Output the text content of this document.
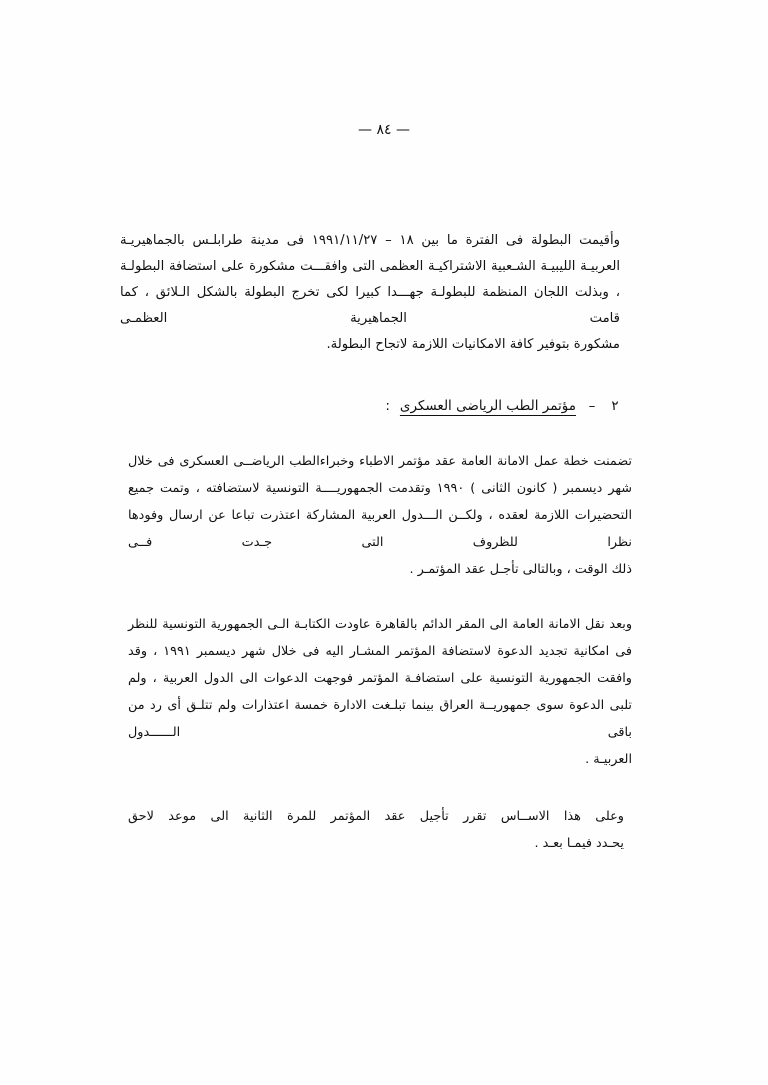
— ٨٤ —
وأقيمت البطولة فى الفترة ما بين ١٨ – ١٩٩١/١١/٢٧ فى مدينة طرابلـس بالجماهيريـة العربيـة الليبيـة الشـعبية الاشتراكيـة العظمى التى وافقـــت مشكورة على استضافة البطولـة ، وبذلت اللجان المنظمة للبطولـة جهـــدا كبيرا لكى تخرج البطولة بالشكل الـلائق ، كما قامت الجماهيرية العظمـى
مشكورة بتوفير كافة الامكانيات اللازمة لاتجاح البطولة.
٢
–
مؤتمر الطب الرياضى العسكرى
:
تضمنت خطة عمل الامانة العامة عقد مؤتمر الاطباء وخبراءالطب الرياضــى العسكرى فى خلال شهر ديسمبر ( كانون الثانى ) ١٩٩٠ وتقدمت الجمهوريــــة التونسية لاستضافته ، وتمت جميع التحضيرات اللازمة لعقده ، ولكــن الـــدول العربية المشاركة اعتذرت تباعا عن ارسال وفودها نظرا للظروف التى جـدت فــى
ذلك الوقت ، وبالتالى تأجـل عقد المؤتمـر .
وبعد نقل الامانة العامة الى المقر الدائم بالقاهرة عاودت الكتابـة الـى الجمهورية التونسية للنظر فى امكانية تجديد الدعوة لاستضافة المؤتمر المشـار اليه فى خلال شهر ديسمبر ١٩٩١ ، وقد وافقت الجمهورية التونسية على استضافـة المؤتمر فوجهت الدعوات الى الدول العربية ، ولم تلبى الدعوة سوى جمهوريــة العراق بينما تبلـغت الادارة خمسة اعتذارات ولم تتلـق أى رد من باقى الــــــدول
العربيـة .
وعلى هذا الاســاس تقرر تأجيل عقد المؤتمر للمرة الثانية الى موعد لاحق
يحـدد فيمـا بعـد .
